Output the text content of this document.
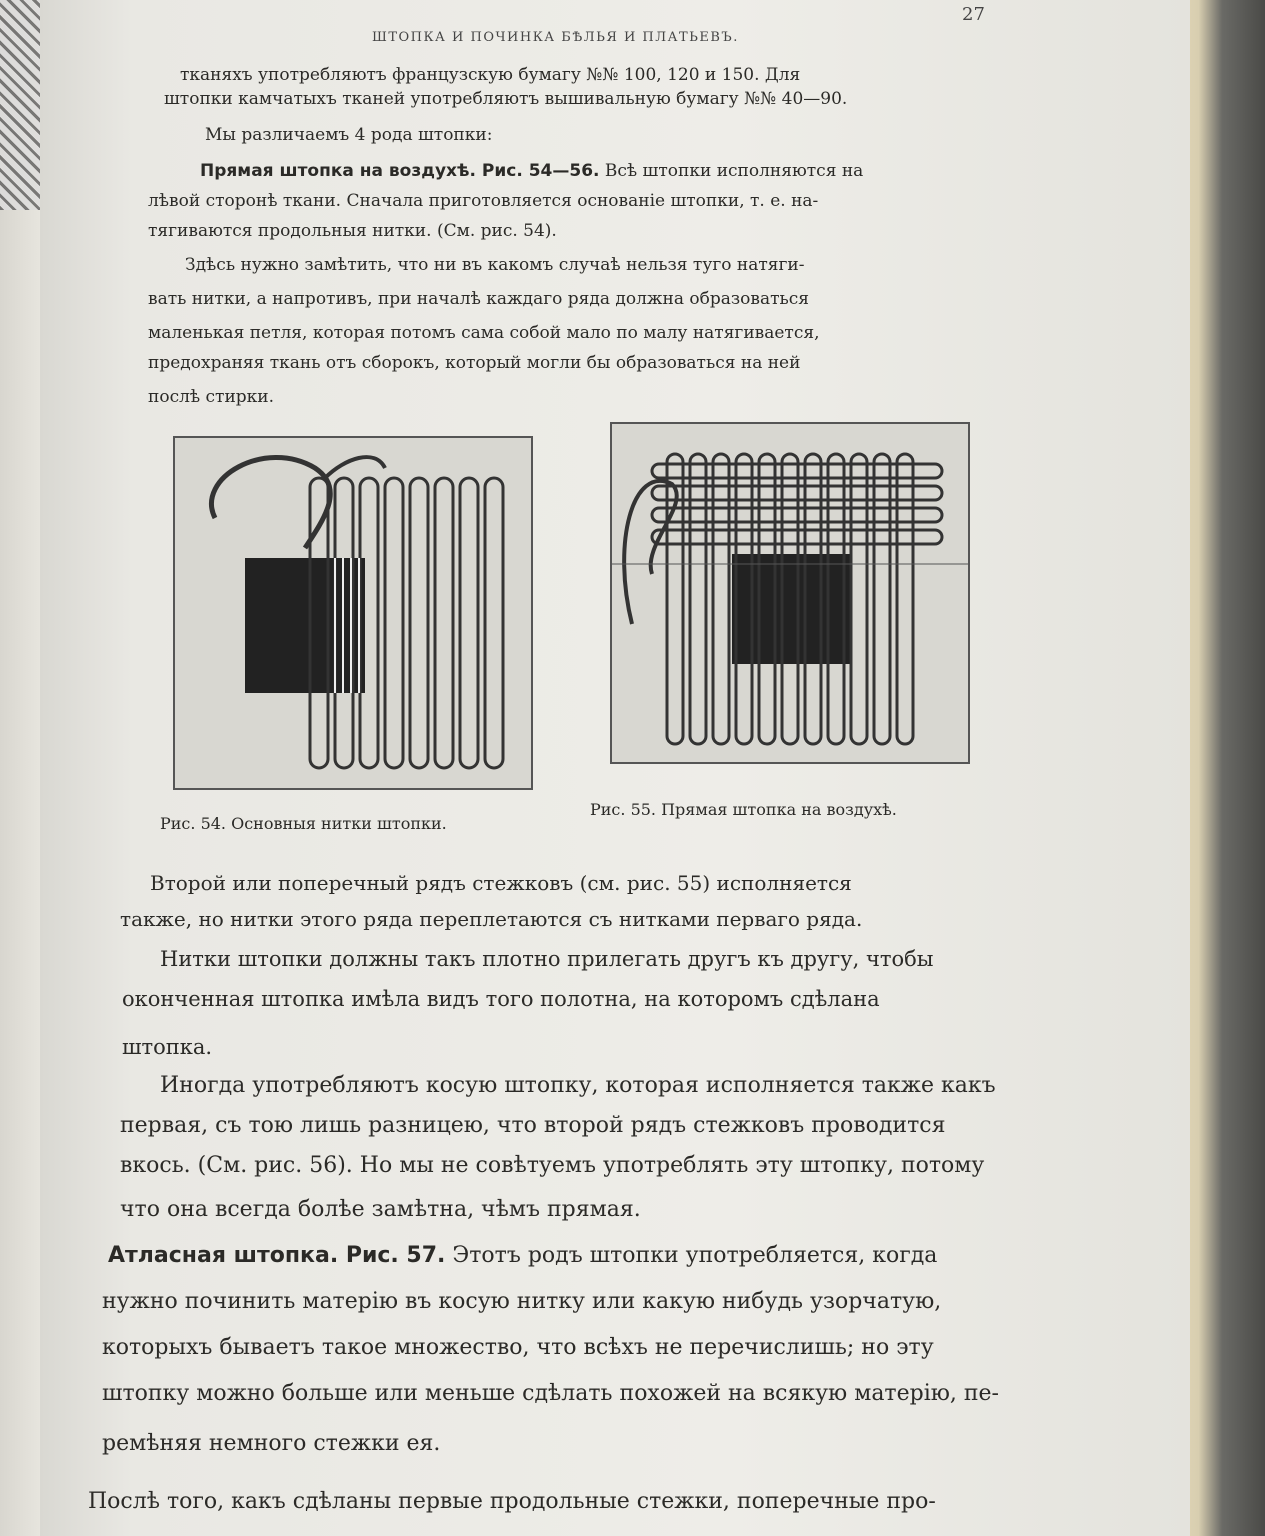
ШТОПКА И ПОЧИНКА БѢЛЬЯ И ПЛАТЬЕВЪ.
27
тканяхъ употребляютъ французскую бумагу №№ 100, 120 и 150. Для
штопки камчатыхъ тканей употребляютъ вышивальную бумагу №№ 40—90.
Мы различаемъ 4 рода штопки:
Прямая штопка на воздухѣ. Рис. 54—56. Всѣ штопки исполняются на
лѣвой сторонѣ ткани. Сначала приготовляется основаніе штопки, т. е. на-
тягиваются продольныя нитки. (См. рис. 54).
Здѣсь нужно замѣтить, что ни въ какомъ случаѣ нельзя туго натяги-
вать нитки, а напротивъ, при началѣ каждаго ряда должна образоваться
маленькая петля, которая потомъ сама собой мало по малу натягивается,
предохраняя ткань отъ сборокъ, который могли бы образоваться на ней
послѣ стирки.
Рис. 54. Основныя нитки штопки.
Рис. 55. Прямая штопка на воздухѣ.
Второй или поперечный рядъ стежковъ (см. рис. 55) исполняется
также, но нитки этого ряда переплетаются съ нитками перваго ряда.
Нитки штопки должны такъ плотно прилегать другъ къ другу, чтобы
оконченная штопка имѣла видъ того полотна, на которомъ сдѣлана
штопка.
Иногда употребляютъ косую штопку, которая исполняется также какъ
первая, съ тою лишь разницею, что второй рядъ стежковъ проводится
вкось. (См. рис. 56). Но мы не совѣтуемъ употреблять эту штопку, потому
что она всегда болѣе замѣтна, чѣмъ прямая.
Атласная штопка. Рис. 57. Этотъ родъ штопки употребляется, когда
нужно починить матерію въ косую нитку или какую нибудь узорчатую,
которыхъ бываетъ такое множество, что всѣхъ не перечислишь; но эту
штопку можно больше или меньше сдѣлать похожей на всякую матерію, пе-
ремѣняя немного стежки ея.
Послѣ того, какъ сдѣланы первые продольные стежки, поперечные про-
